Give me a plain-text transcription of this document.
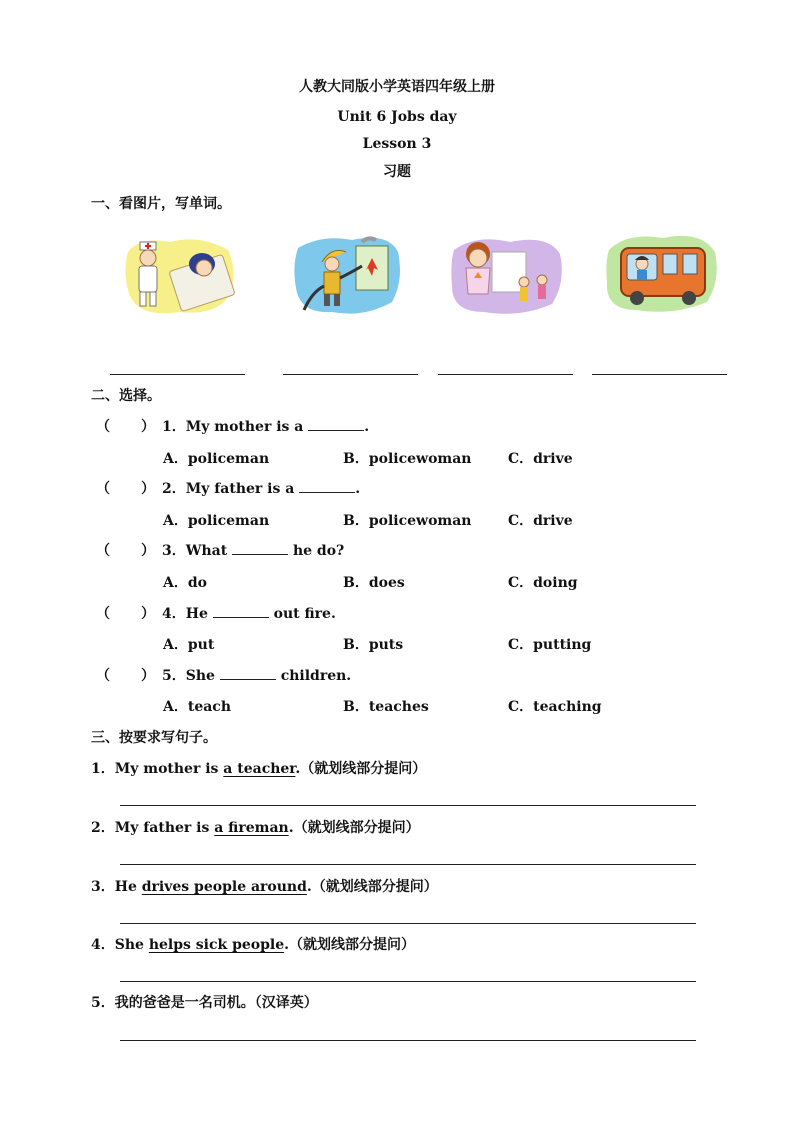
人教大同版小学英语四年级上册
Unit 6 Jobs day
Lesson 3
习题
一、看图片，写单词。
二、选择。
（ ） 1．My mother is a	.
A．policeman	B．policewoman	C．drive
（ ） 2．My father is a	.
A．policeman	B．policewoman	C．drive
（ ） 3．What	he do?
A．do	B．does	C．doing
（ ） 4．He	out fire.
A．put	B．puts	C．putting
（ ） 5．She	children.
A．teach	B．teaches	C．teaching
三、按要求写句子。
1．My mother is a teacher.（就划线部分提问）
2．My father is a fireman.（就划线部分提问）
3．He drives people around.（就划线部分提问）
4．She helps sick people.（就划线部分提问）
5．我的爸爸是一名司机。（汉译英）
